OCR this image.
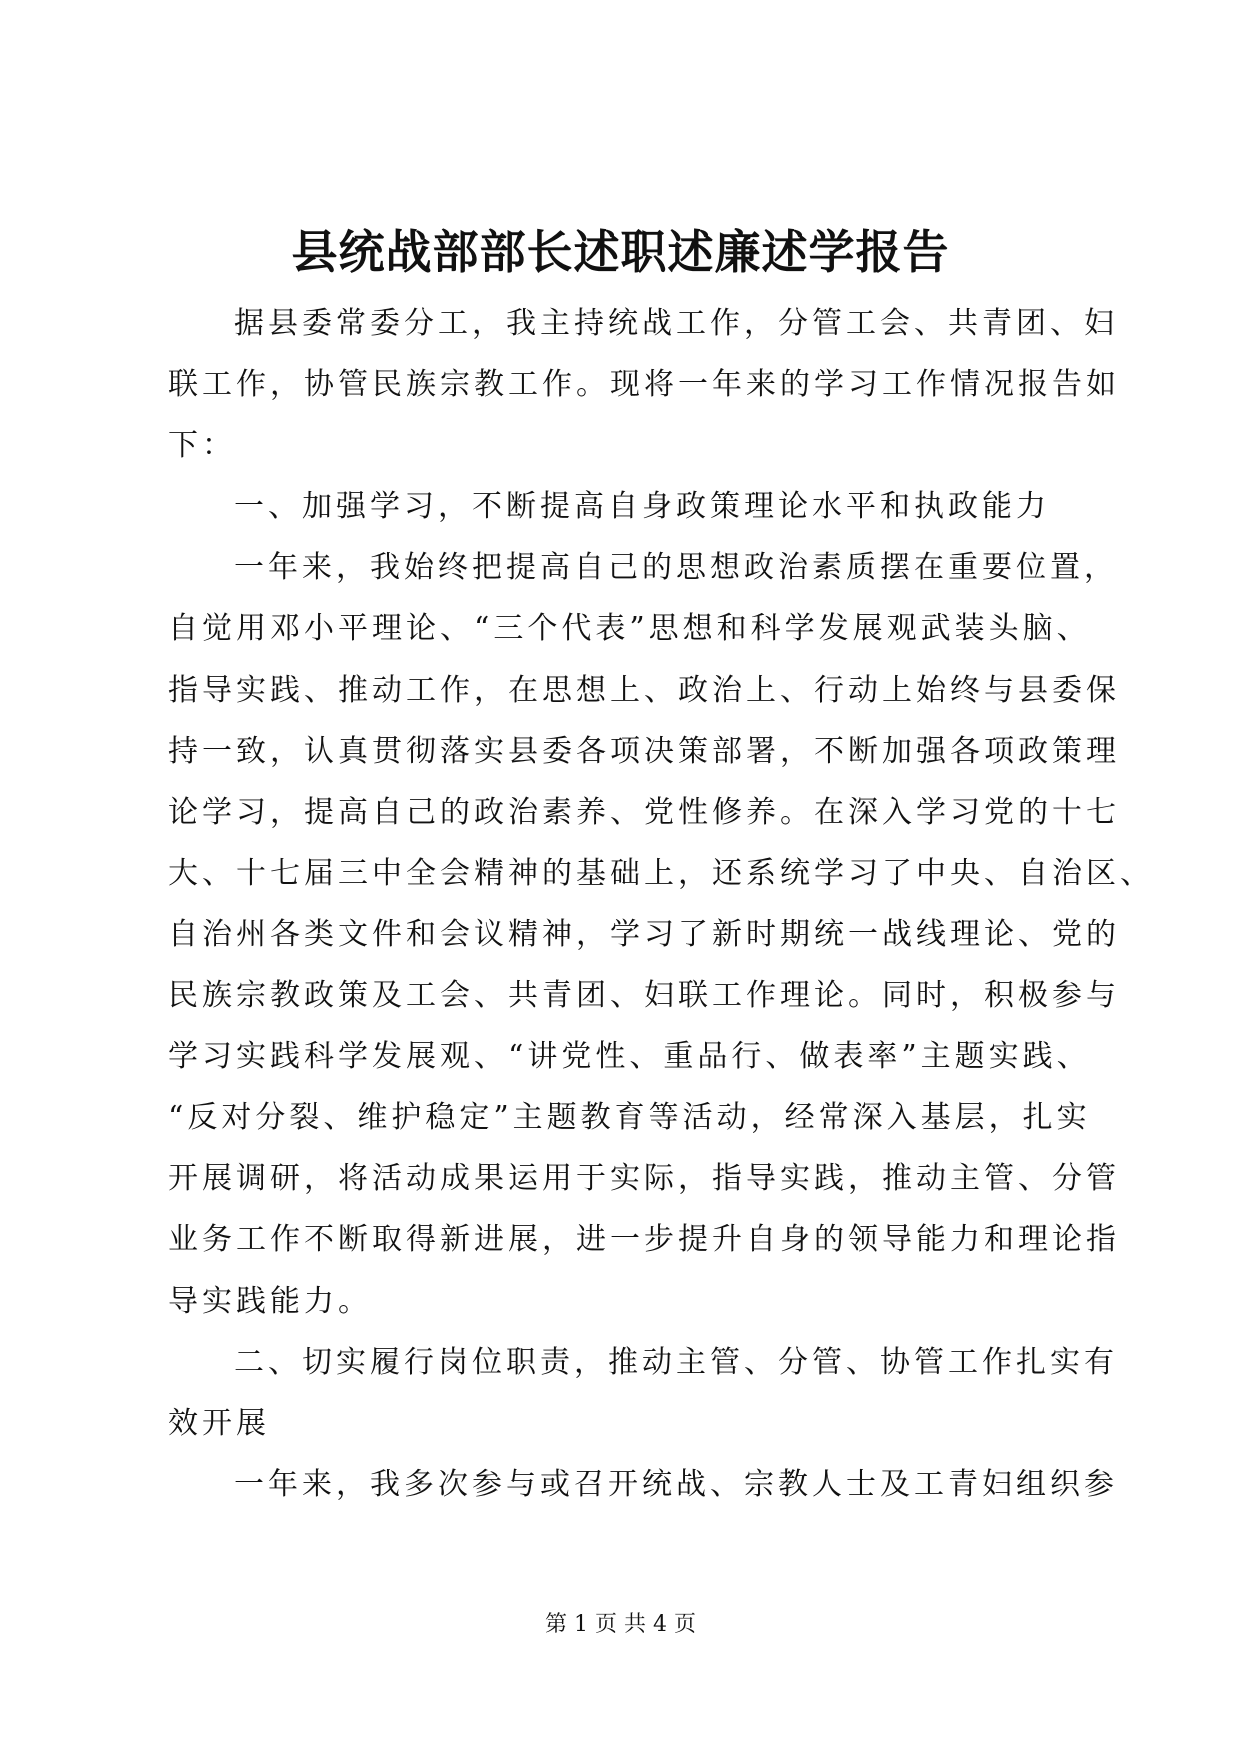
县统战部部长述职述廉述学报告
据县委常委分工，我主持统战工作，分管工会、共青团、妇
联工作，协管民族宗教工作。现将一年来的学习工作情况报告如
下：
一、加强学习，不断提高自身政策理论水平和执政能力
一年来，我始终把提高自己的思想政治素质摆在重要位置，
自觉用邓小平理论、“三个代表”思想和科学发展观武装头脑、
指导实践、推动工作，在思想上、政治上、行动上始终与县委保
持一致，认真贯彻落实县委各项决策部署，不断加强各项政策理
论学习，提高自己的政治素养、党性修养。在深入学习党的十七
大、十七届三中全会精神的基础上，还系统学习了中央、自治区、
自治州各类文件和会议精神，学习了新时期统一战线理论、党的
民族宗教政策及工会、共青团、妇联工作理论。同时，积极参与
学习实践科学发展观、“讲党性、重品行、做表率”主题实践、
“反对分裂、维护稳定”主题教育等活动，经常深入基层，扎实
开展调研，将活动成果运用于实际，指导实践，推动主管、分管
业务工作不断取得新进展，进一步提升自身的领导能力和理论指
导实践能力。
二、切实履行岗位职责，推动主管、分管、协管工作扎实有
效开展
一年来，我多次参与或召开统战、宗教人士及工青妇组织参
第 1 页 共 4 页
